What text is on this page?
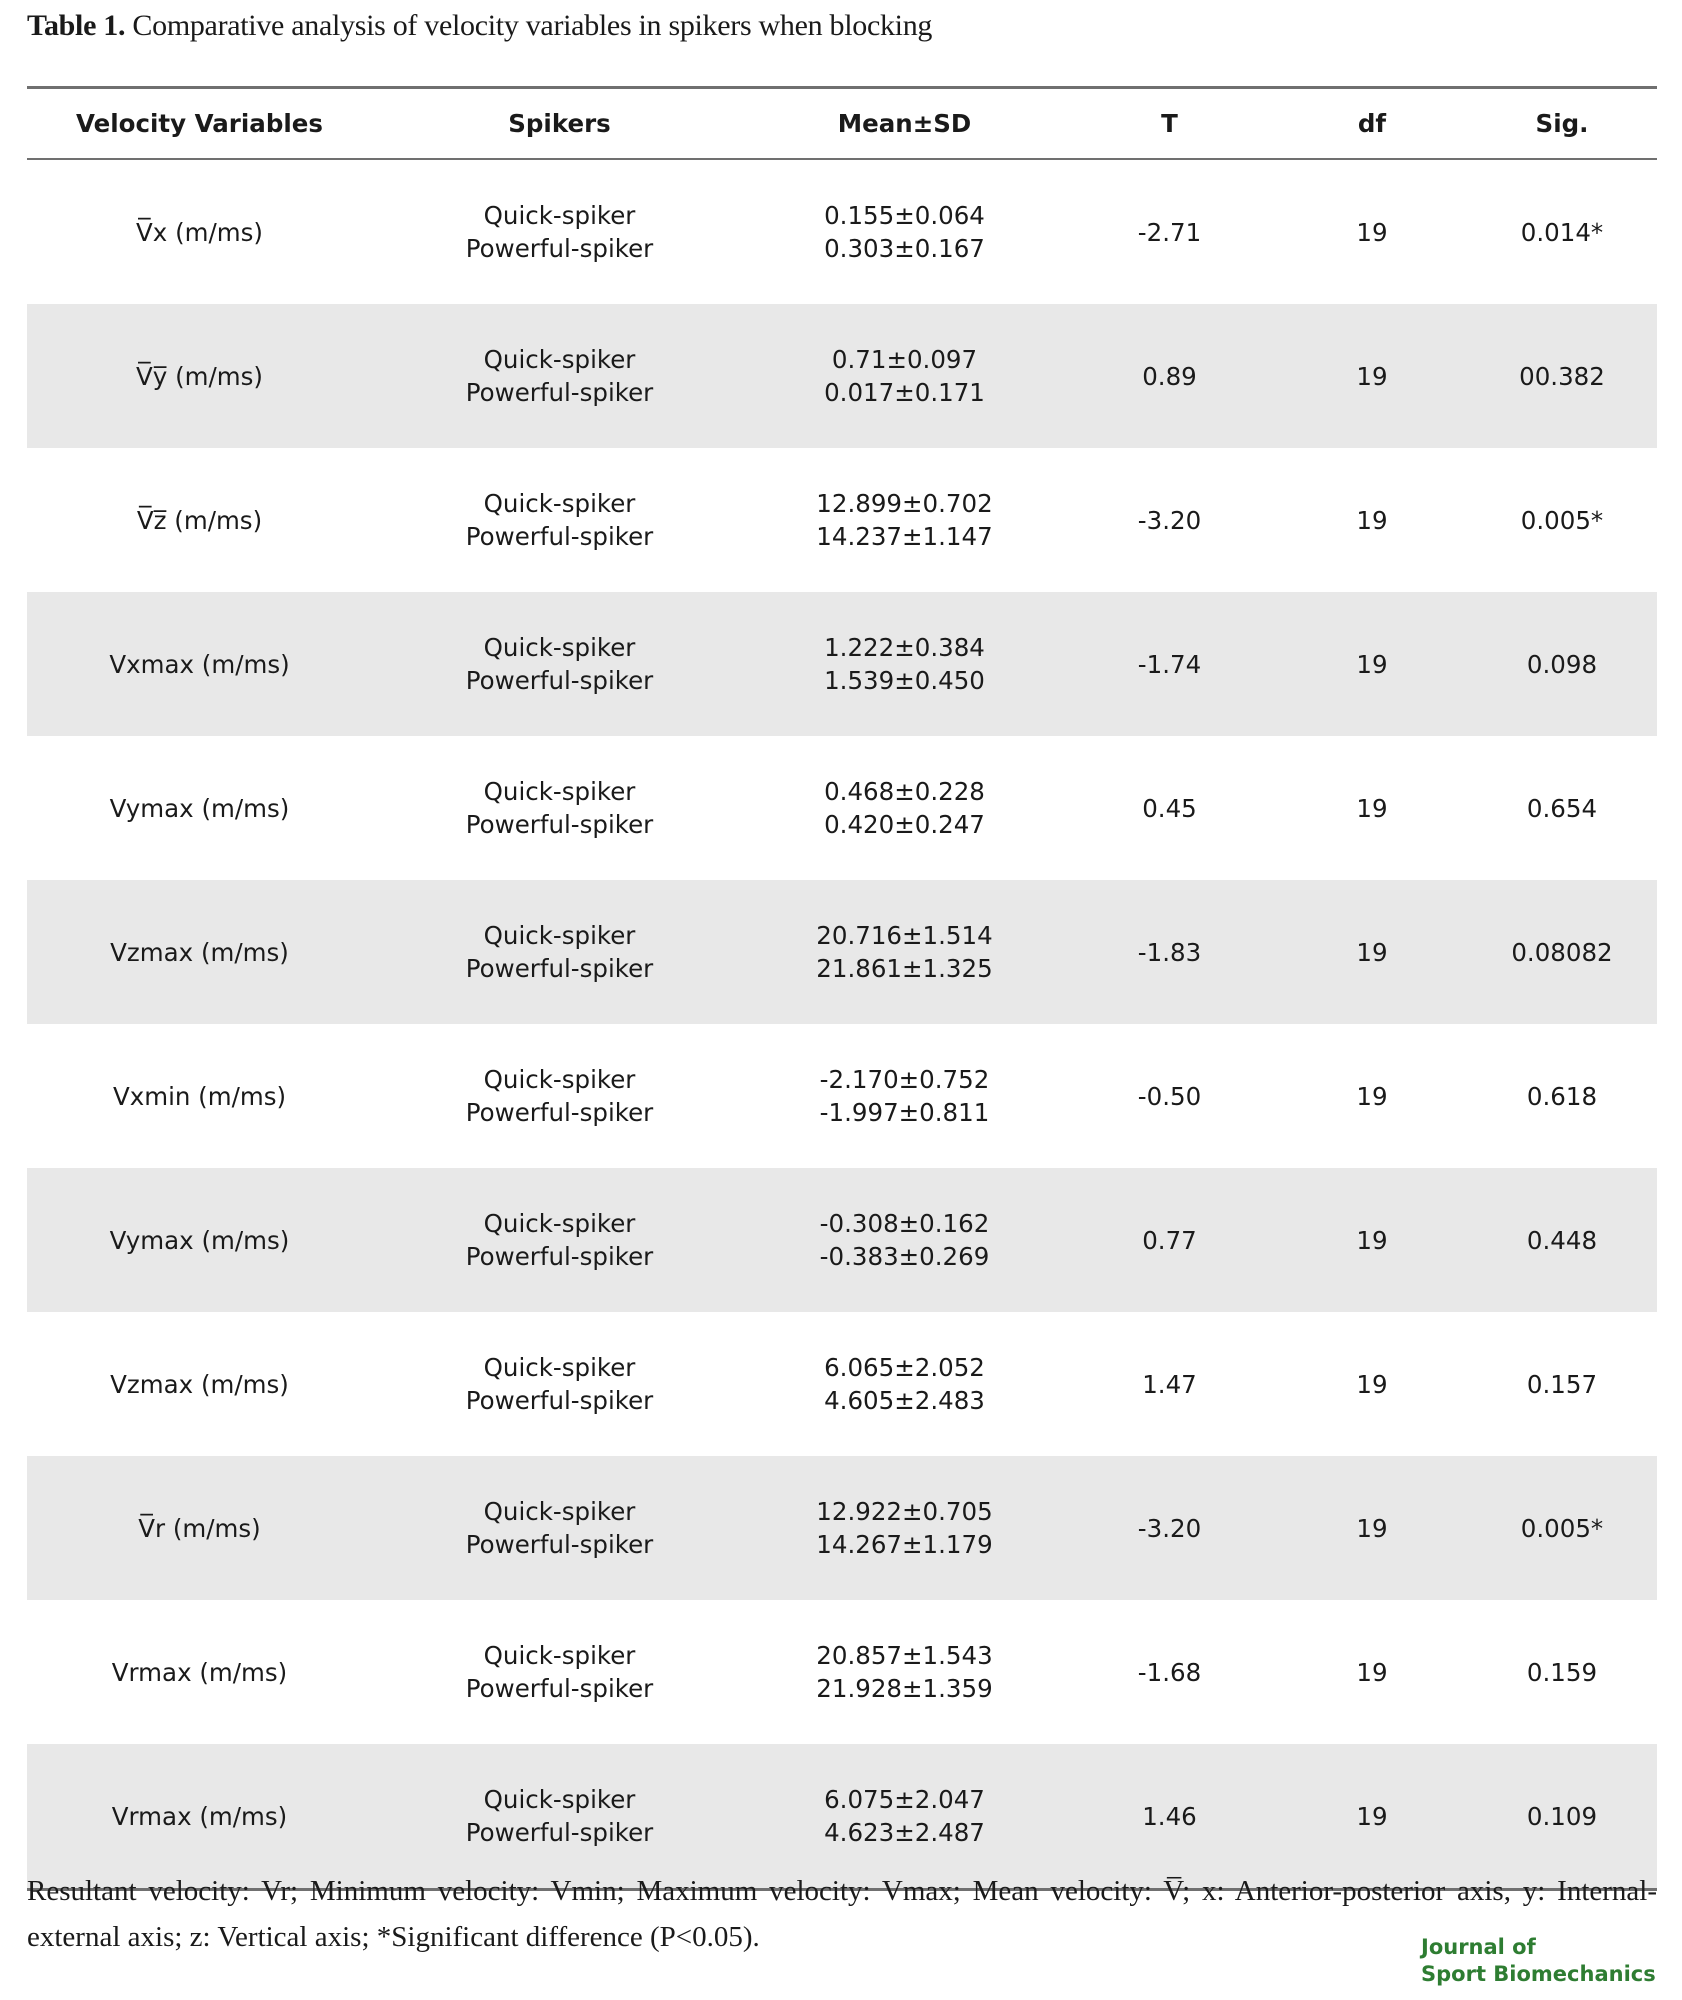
Table 1. Comparative analysis of velocity variables in spikers when blocking
Velocity Variables	Spikers	Mean±SD	T	df	Sig.
V̅x (m/ms)	Quick-spiker	0.155±0.064	-2.71	19	0.014*
	Powerful-spiker	0.303±0.167			
V̅y̅ (m/ms)	Quick-spiker	0.71±0.097	0.89	19	00.382
	Powerful-spiker	0.017±0.171			
V̅z̅ (m/ms)	Quick-spiker	12.899±0.702	-3.20	19	0.005*
	Powerful-spiker	14.237±1.147			
Vxmax (m/ms)	Quick-spiker	1.222±0.384	-1.74	19	0.098
	Powerful-spiker	1.539±0.450			
Vymax (m/ms)	Quick-spiker	0.468±0.228	0.45	19	0.654
	Powerful-spiker	0.420±0.247			
Vzmax (m/ms)	Quick-spiker	20.716±1.514	-1.83	19	0.08082
	Powerful-spiker	21.861±1.325			
Vxmin (m/ms)	Quick-spiker	-2.170±0.752	-0.50	19	0.618
	Powerful-spiker	-1.997±0.811			
Vymax (m/ms)	Quick-spiker	-0.308±0.162	0.77	19	0.448
	Powerful-spiker	-0.383±0.269			
Vzmax (m/ms)	Quick-spiker	6.065±2.052	1.47	19	0.157
	Powerful-spiker	4.605±2.483			
V̅r (m/ms)	Quick-spiker	12.922±0.705	-3.20	19	0.005*
	Powerful-spiker	14.267±1.179			
Vrmax (m/ms)	Quick-spiker	20.857±1.543	-1.68	19	0.159
	Powerful-spiker	21.928±1.359			
Vrmax (m/ms)	Quick-spiker	6.075±2.047	1.46	19	0.109
	Powerful-spiker	4.623±2.487			
Resultant velocity: Vr; Minimum velocity: Vmin; Maximum velocity: Vmax; Mean velocity: V̅; x: Anterior-posterior axis, y: Internal-external axis; z: Vertical axis; *Significant difference (P<0.05).	Journal of
Sport Biomechanics
